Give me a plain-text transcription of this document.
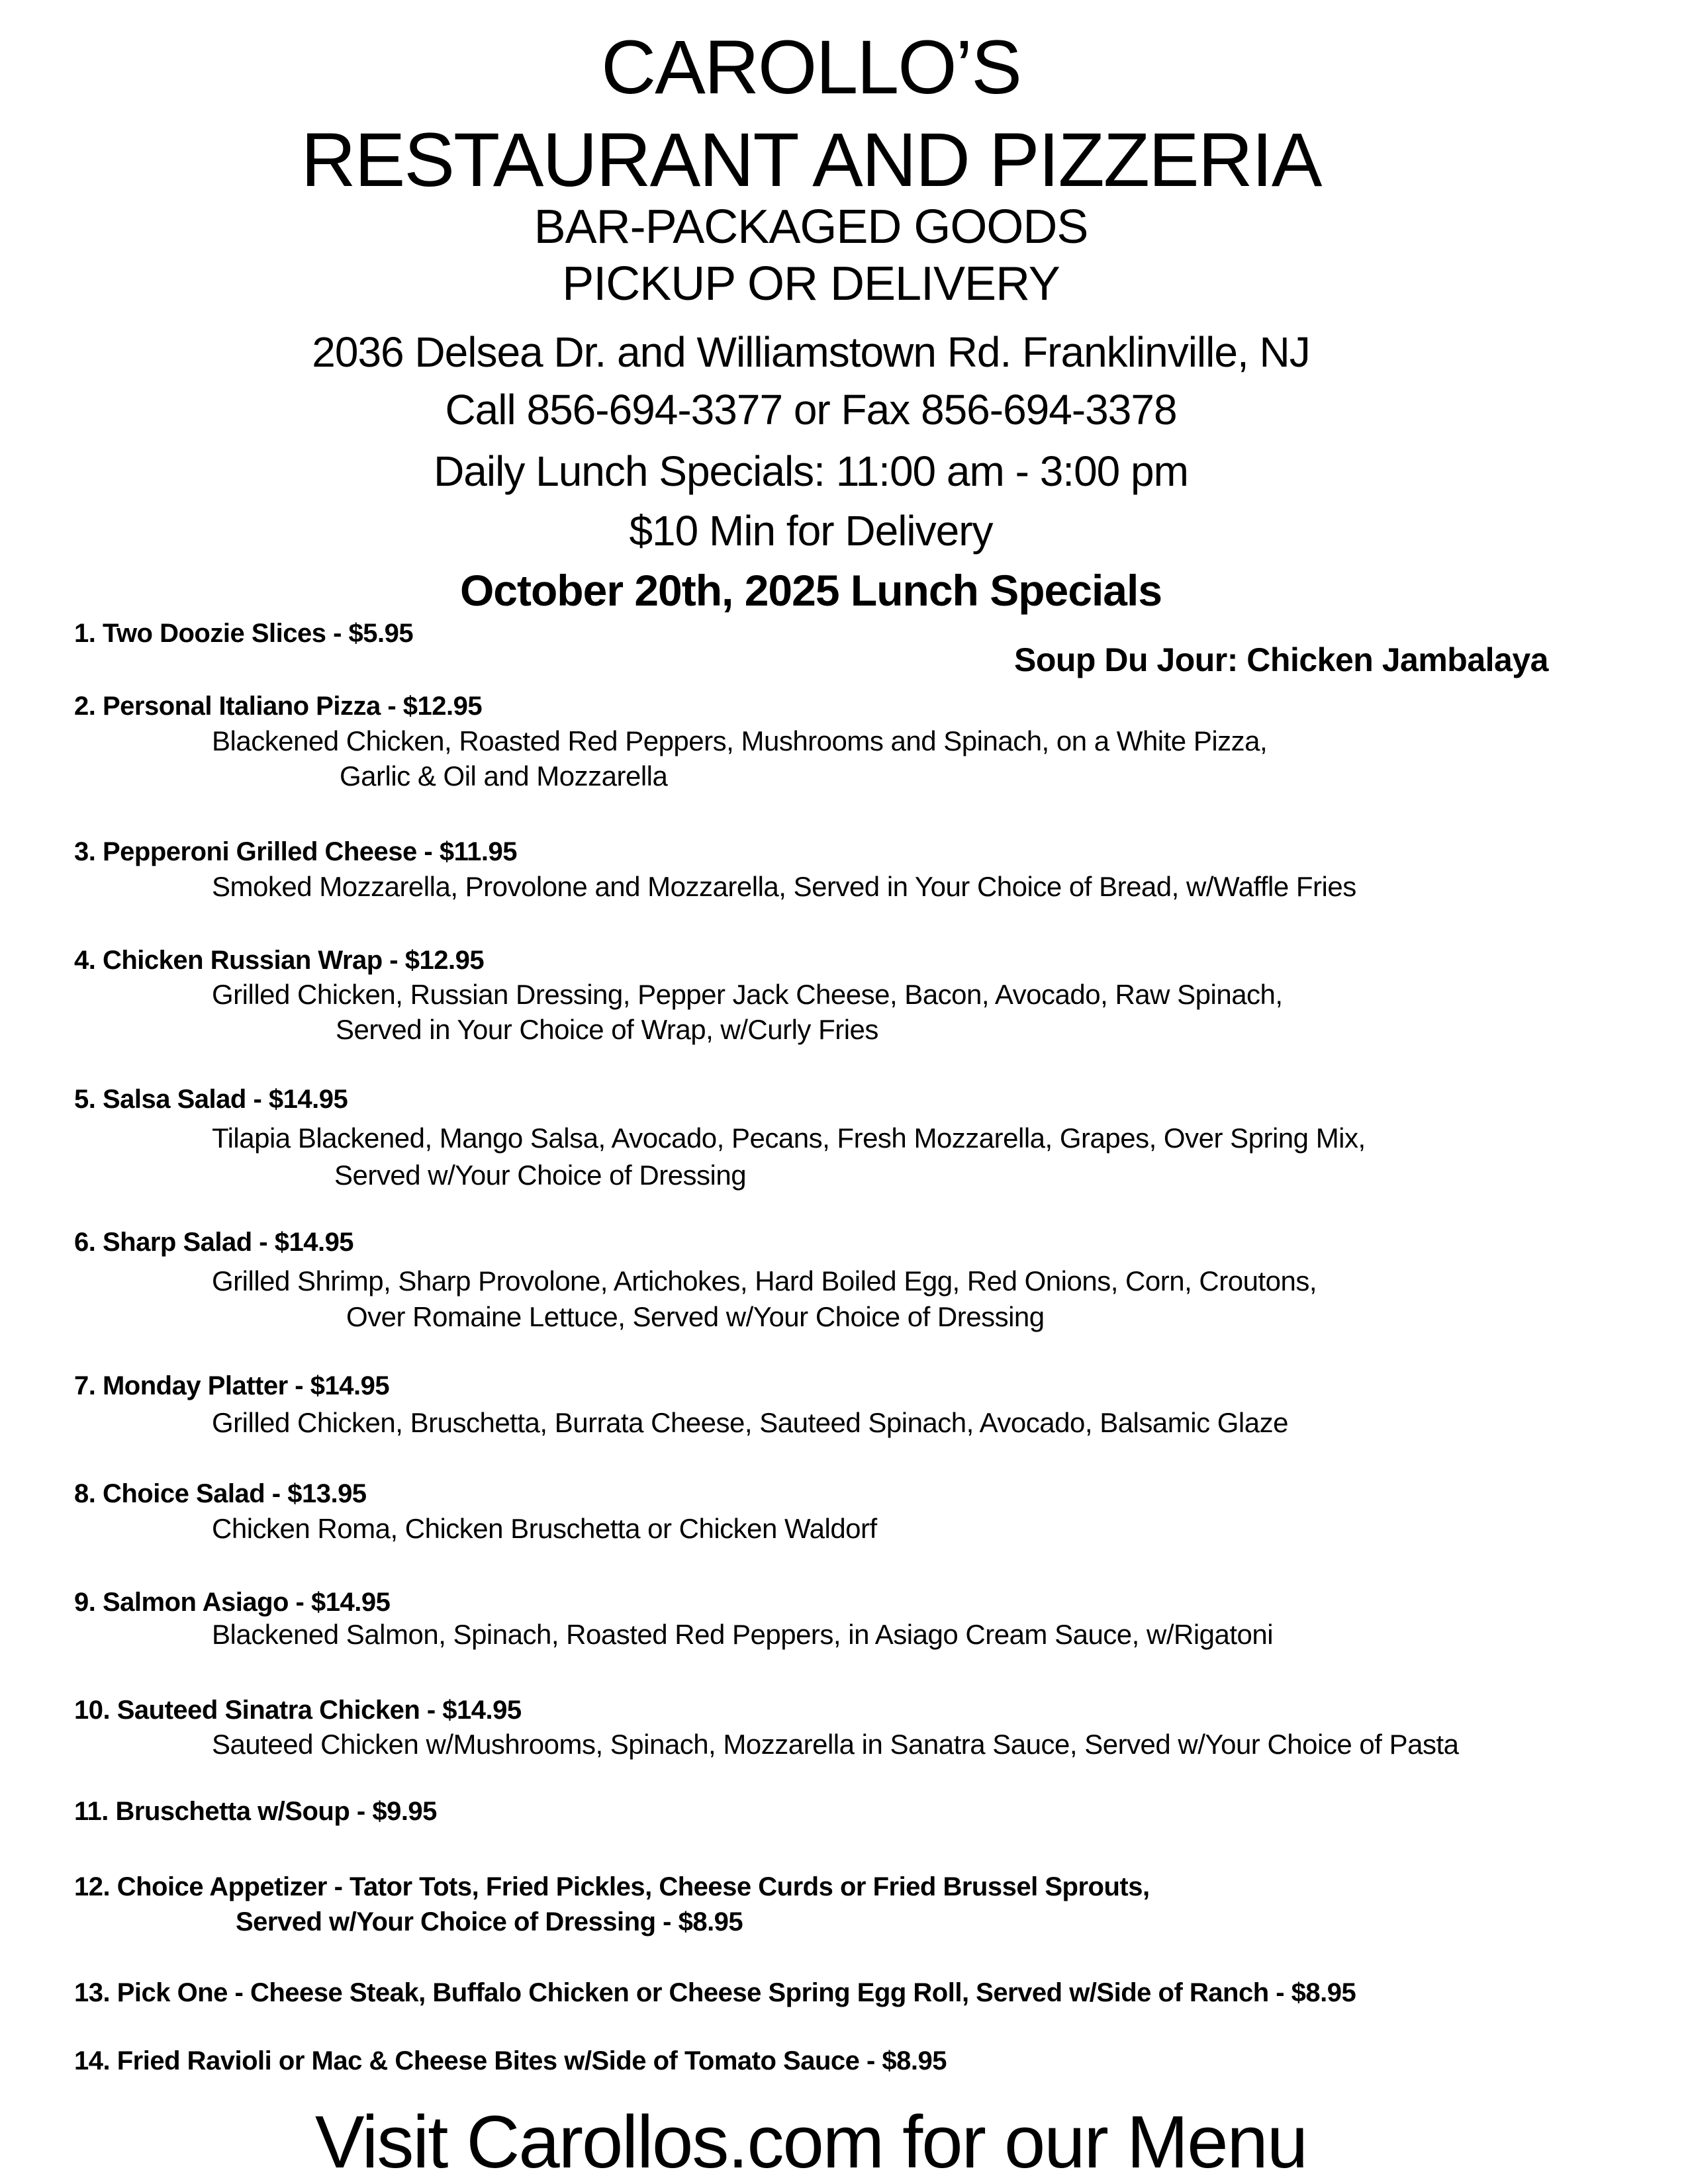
CAROLLO’S
RESTAURANT AND PIZZERIA
BAR-PACKAGED GOODS
PICKUP OR DELIVERY
2036 Delsea Dr. and Williamstown Rd. Franklinville, NJ
Call 856-694-3377 or Fax 856-694-3378
Daily Lunch Specials: 11:00 am - 3:00 pm
$10 Min for Delivery
October 20th, 2025 Lunch Specials
1. Two Doozie Slices - $5.95
Soup Du Jour: Chicken Jambalaya
2. Personal Italiano Pizza - $12.95
Blackened Chicken, Roasted Red Peppers, Mushrooms and Spinach, on a White Pizza,
Garlic & Oil and Mozzarella
3. Pepperoni Grilled Cheese - $11.95
Smoked Mozzarella, Provolone and Mozzarella, Served in Your Choice of Bread, w/Waffle Fries
4. Chicken Russian Wrap - $12.95
Grilled Chicken, Russian Dressing, Pepper Jack Cheese, Bacon, Avocado, Raw Spinach,
Served in Your Choice of Wrap, w/Curly Fries
5. Salsa Salad - $14.95
Tilapia Blackened, Mango Salsa, Avocado, Pecans, Fresh Mozzarella, Grapes, Over Spring Mix,
Served w/Your Choice of Dressing
6. Sharp Salad - $14.95
Grilled Shrimp, Sharp Provolone, Artichokes, Hard Boiled Egg, Red Onions, Corn, Croutons,
Over Romaine Lettuce, Served w/Your Choice of Dressing
7. Monday Platter - $14.95
Grilled Chicken, Bruschetta, Burrata Cheese, Sauteed Spinach, Avocado, Balsamic Glaze
8. Choice Salad - $13.95
Chicken Roma, Chicken Bruschetta or Chicken Waldorf
9. Salmon Asiago - $14.95
Blackened Salmon, Spinach, Roasted Red Peppers, in Asiago Cream Sauce, w/Rigatoni
10. Sauteed Sinatra Chicken - $14.95
Sauteed Chicken w/Mushrooms, Spinach, Mozzarella in Sanatra Sauce, Served w/Your Choice of Pasta
11. Bruschetta w/Soup - $9.95
12. Choice Appetizer - Tator Tots, Fried Pickles, Cheese Curds or Fried Brussel Sprouts,
Served w/Your Choice of Dressing - $8.95
13. Pick One - Cheese Steak, Buffalo Chicken or Cheese Spring Egg Roll, Served w/Side of Ranch - $8.95
14. Fried Ravioli or Mac & Cheese Bites w/Side of Tomato Sauce - $8.95
Visit Carollos.com for our Menu
